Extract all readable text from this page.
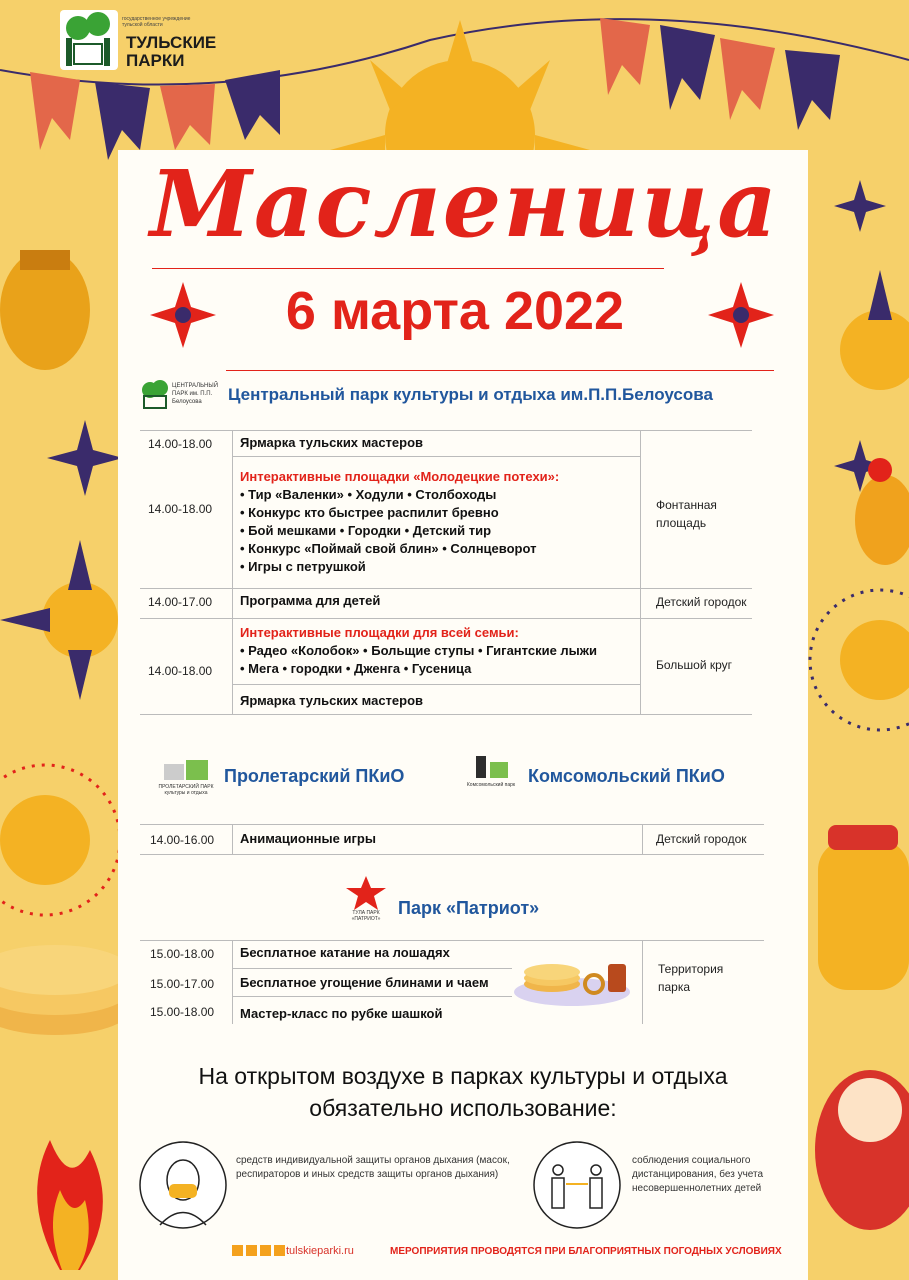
государственное учреждение тульской области
ТУЛЬСКИЕ ПАРКИ
Масленица
6 марта 2022
ЦЕНТРАЛЬНЫЙ ПАРК им. П.П. Белоусова	Центральный парк культуры и отдыха им.П.П.Белоусова
14.00-18.00 Ярмарка тульских мастеров
14.00-18.00
Интерактивные площадки «Молодецкие потехи»:
• Тир «Валенки» • Ходули • Столбоходы
• Конкурс кто быстрее распилит бревно
• Бой мешками • Городки • Детский тир
• Конкурс «Поймай свой блин» • Солнцеворот
• Игры с петрушкой
Фонтанная площадь
14.00-17.00 Программа для детей	Детский городок
14.00-18.00
Интерактивные площадки для всей семьи:
• Радео «Колобок» • Больщие ступы • Гигантские лыжи
• Мега • городки • Дженга • Гусеница	Большой круг
Ярмарка тульских мастеров
ПРОЛЕТАРСКИЙ ПАРК культуры и отдыха
Пролетарский ПКиО	Комсомольский парк Комсомольский ПКиО
14.00-16.00 Анимационные игры	Детский городок
ТУЛА ПАРК «ПАТРИОТ»
Парк «Патриот»
15.00-18.00 Бесплатное катание на лошадях
15.00-17.00 Бесплатное угощение блинами и чаем
15.00-18.00 Мастер-класс по рубке шашкой
Территория парка
На открытом воздухе в парках культуры и отдыха
обязательно использование:
средств индивидуальной защиты органов дыхания (масок, респираторов и иных средств защиты органов дыхания)
соблюдения социального дистанцирования, без учета несовершеннолетних детей
tulskieparki.ru	МЕРОПРИЯТИЯ ПРОВОДЯТСЯ ПРИ БЛАГОПРИЯТНЫХ ПОГОДНЫХ УСЛОВИЯХ
